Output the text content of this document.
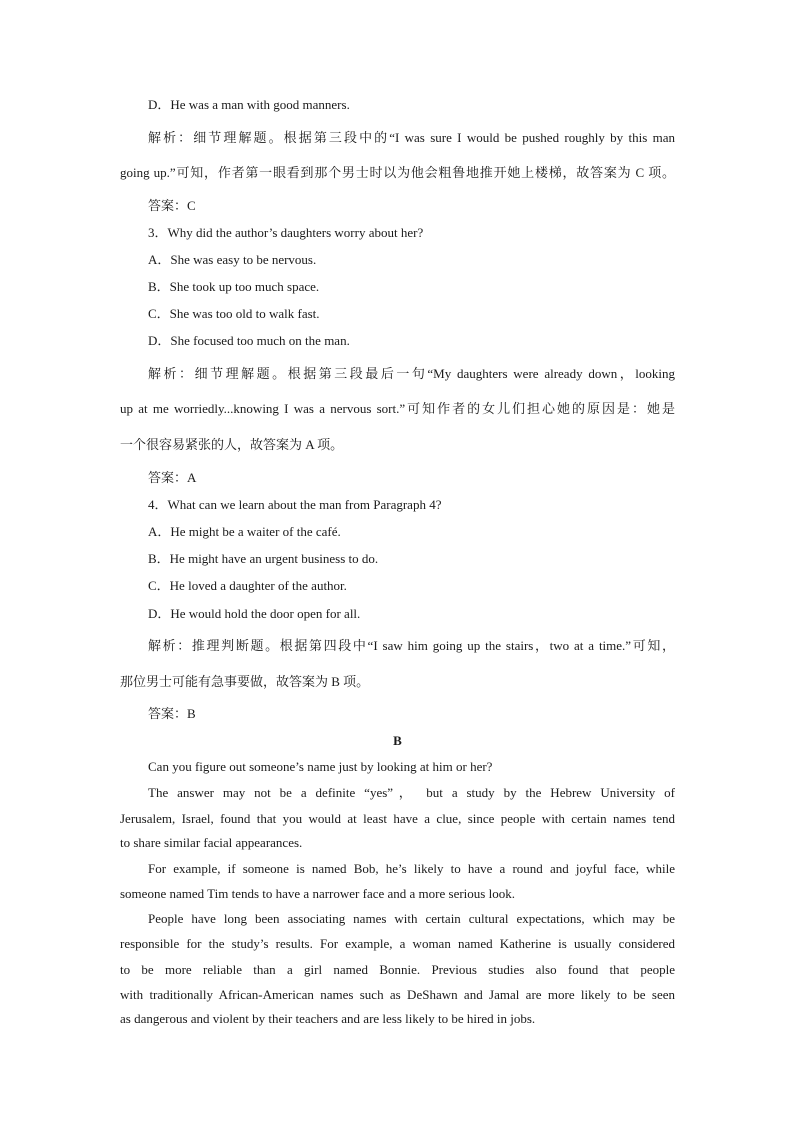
D．He was a man with good manners.
解析：细节理解题。根据第三段中的“I was sure I would be pushed roughly by this man
going up.”可知，作者第一眼看到那个男士时以为他会粗鲁地推开她上楼梯，故答案为 C 项。
答案：C
3．Why did the author’s daughters worry about her?
A．She was easy to be nervous.
B．She took up too much space.
C．She was too old to walk fast.
D．She focused too much on the man.
解析：细节理解题。根据第三段最后一句“My daughters were already down，looking
up at me worriedly...knowing I was a nervous sort.”可知作者的女儿们担心她的原因是：她是
一个很容易紧张的人，故答案为 A 项。
答案：A
4．What can we learn about the man from Paragraph 4?
A．He might be a waiter of the café.
B．He might have an urgent business to do.
C．He loved a daughter of the author.
D．He would hold the door open for all.
解析：推理判断题。根据第四段中“I saw him going up the stairs，two at a time.”可知，
那位男士可能有急事要做，故答案为 B 项。
答案：B
B
Can you figure out someone’s name just by looking at him or her?
The answer may not be a definite “yes”， but a study by the Hebrew University of
Jerusalem, Israel, found that you would at least have a clue, since people with certain names tend
to share similar facial appearances.
For example, if someone is named Bob, he’s likely to have a round and joyful face, while
someone named Tim tends to have a narrower face and a more serious look.
People have long been associating names with certain cultural expectations, which may be
responsible for the study’s results. For example, a woman named Katherine is usually considered
to be more reliable than a girl named Bonnie. Previous studies also found that people
with traditionally African-American names such as DeShawn and Jamal are more likely to be seen
as dangerous and violent by their teachers and are less likely to be hired in jobs.
